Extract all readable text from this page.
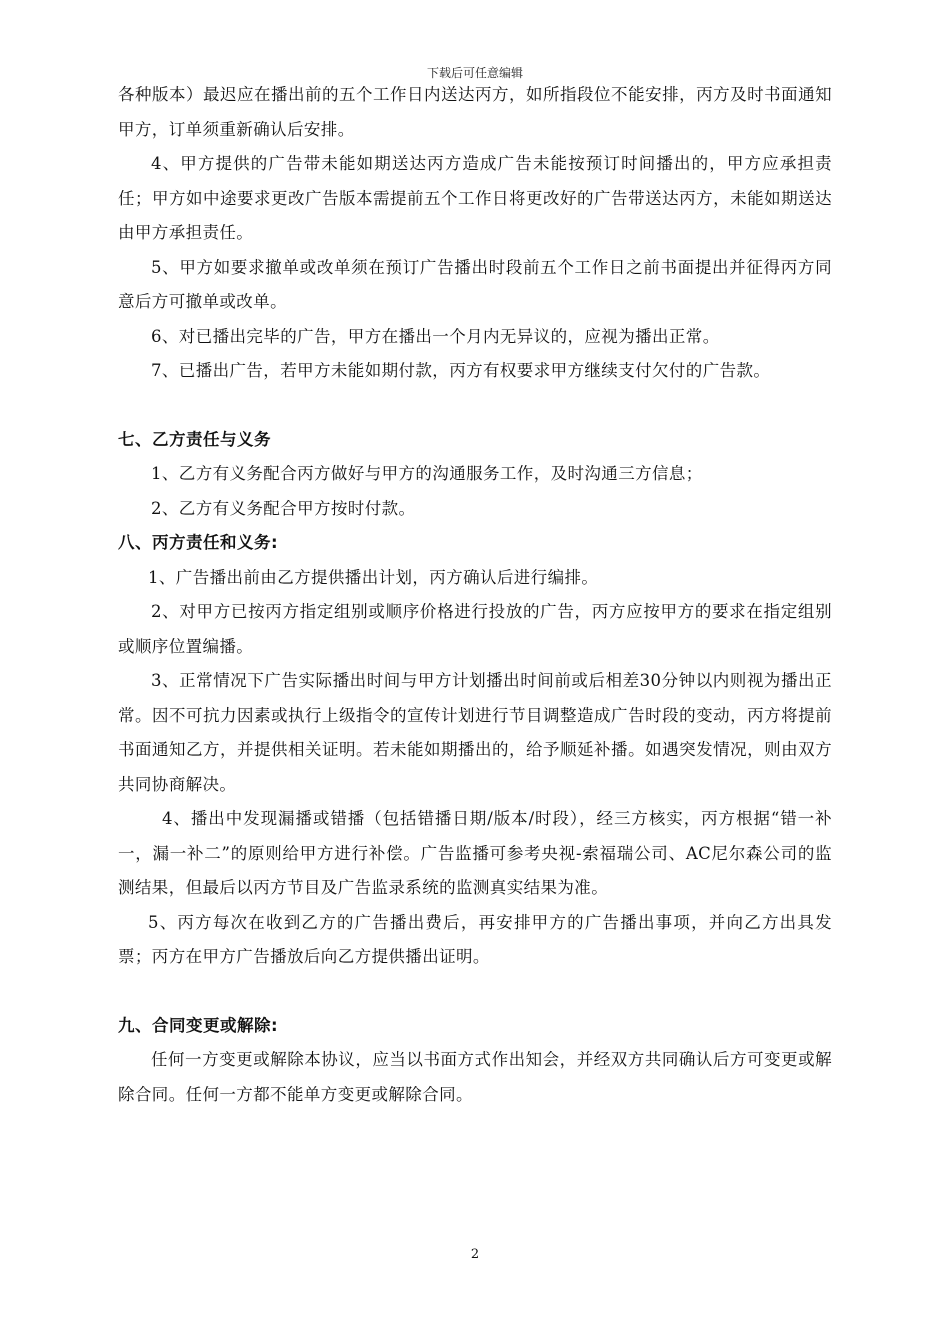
下载后可任意编辑

各种版本）最迟应在播出前的五个工作日内送达丙方，如所指段位不能安排，丙方及时书面通知甲方，订单须重新确认后安排。

4、甲方提供的广告带未能如期送达丙方造成广告未能按预订时间播出的，甲方应承担责任；甲方如中途要求更改广告版本需提前五个工作日将更改好的广告带送达丙方，未能如期送达由甲方承担责任。

5、甲方如要求撤单或改单须在预订广告播出时段前五个工作日之前书面提出并征得丙方同意后方可撤单或改单。

6、对已播出完毕的广告，甲方在播出一个月内无异议的，应视为播出正常。

7、已播出广告，若甲方未能如期付款，丙方有权要求甲方继续支付欠付的广告款。

七、乙方责任与义务

1、乙方有义务配合丙方做好与甲方的沟通服务工作，及时沟通三方信息；

2、乙方有义务配合甲方按时付款。

八、丙方责任和义务:

1、广告播出前由乙方提供播出计划，丙方确认后进行编排。

2、对甲方已按丙方指定组别或顺序价格进行投放的广告，丙方应按甲方的要求在指定组别或顺序位置编播。

3、正常情况下广告实际播出时间与甲方计划播出时间前或后相差30分钟以内则视为播出正常。因不可抗力因素或执行上级指令的宣传计划进行节目调整造成广告时段的变动，丙方将提前书面通知乙方，并提供相关证明。若未能如期播出的，给予顺延补播。如遇突发情况，则由双方共同协商解决。

4、播出中发现漏播或错播（包括错播日期/版本/时段），经三方核实，丙方根据“错一补一，漏一补二”的原则给甲方进行补偿。广告监播可参考央视-索福瑞公司、AC尼尔森公司的监测结果，但最后以丙方节目及广告监录系统的监测真实结果为准。

5、丙方每次在收到乙方的广告播出费后，再安排甲方的广告播出事项，并向乙方出具发票；丙方在甲方广告播放后向乙方提供播出证明。

九、合同变更或解除:

任何一方变更或解除本协议，应当以书面方式作出知会，并经双方共同确认后方可变更或解除合同。任何一方都不能单方变更或解除合同。

2
